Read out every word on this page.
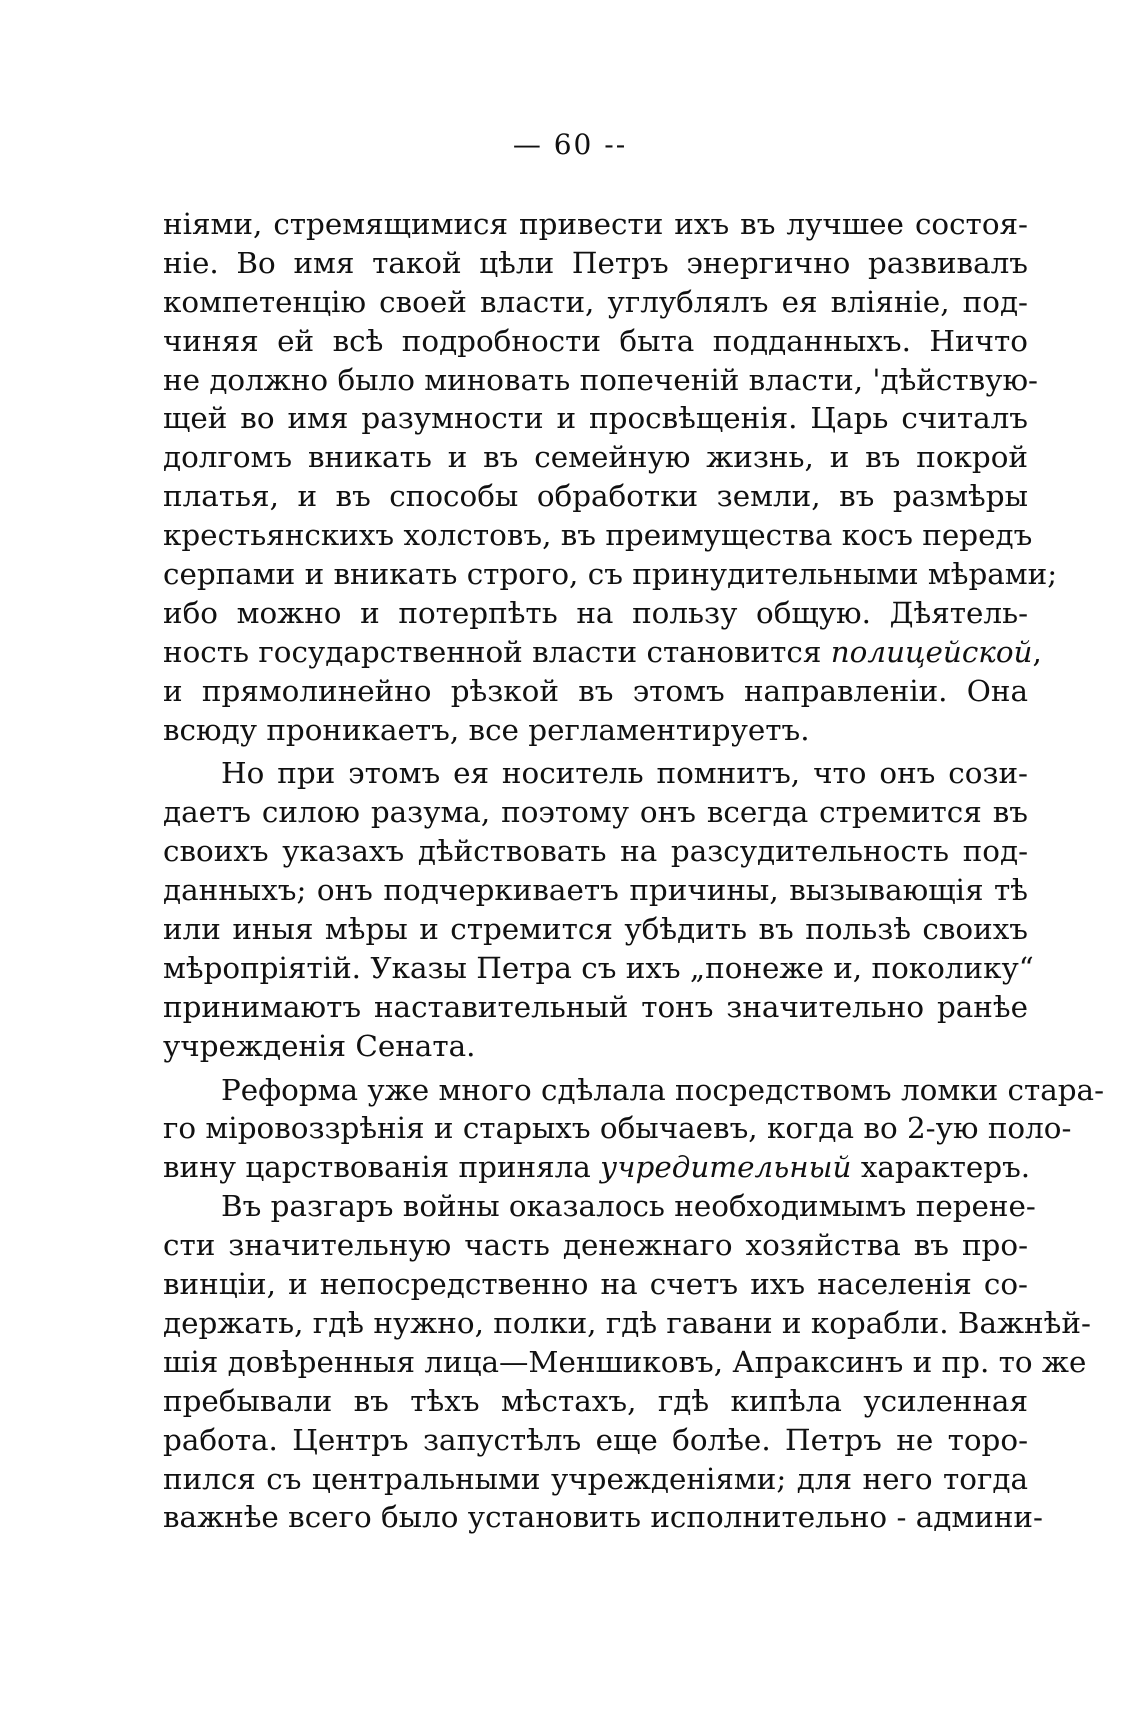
— 60 --
ніями, стремящимися привести ихъ въ лучшее состоя-
ніе. Во имя такой цѣли Петръ энергично развивалъ
компетенцію своей власти, углублялъ ея вліяніе, под-
чиняя ей всѣ подробности быта подданныхъ. Ничто
не должно было миновать попеченій власти, 'дѣйствую-
щей во имя разумности и просвѣщенія. Царь считалъ
долгомъ вникать и въ семейную жизнь, и въ покрой
платья, и въ способы обработки земли, въ размѣры
крестьянскихъ холстовъ, въ преимущества косъ передъ
серпами и вникать строго, съ принудительными мѣрами;
ибо можно и потерпѣть на пользу общую. Дѣятель-
ность государственной власти становится полицейской,
и прямолинейно рѣзкой въ этомъ направленіи. Она
всюду проникаетъ, все регламентируетъ.
Но при этомъ ея носитель помнитъ, что онъ сози-
даетъ силою разума, поэтому онъ всегда стремится въ
своихъ указахъ дѣйствовать на разсудительность под-
данныхъ; онъ подчеркиваетъ причины, вызывающія тѣ
или иныя мѣры и стремится убѣдить въ пользѣ своихъ
мѣропріятій. Указы Петра съ ихъ „понеже и, поколику“
принимаютъ наставительный тонъ значительно ранѣе
учрежденія Сената.
Реформа уже много сдѣлала посредствомъ ломки стара-
го міровоззрѣнія и старыхъ обычаевъ, когда во 2-ую поло-
вину царствованія приняла учредительный характеръ.
Въ разгаръ войны оказалось необходимымъ перене-
сти значительную часть денежнаго хозяйства въ про-
винціи, и непосредственно на счетъ ихъ населенія со-
держать, гдѣ нужно, полки, гдѣ гавани и корабли. Важнѣй-
шія довѣренныя лица—Меншиковъ, Апраксинъ и пр. то же
пребывали въ тѣхъ мѣстахъ, гдѣ кипѣла усиленная
работа. Центръ запустѣлъ еще болѣе. Петръ не торо-
пился съ центральными учрежденіями; для него тогда
важнѣе всего было установить исполнительно - админи-
